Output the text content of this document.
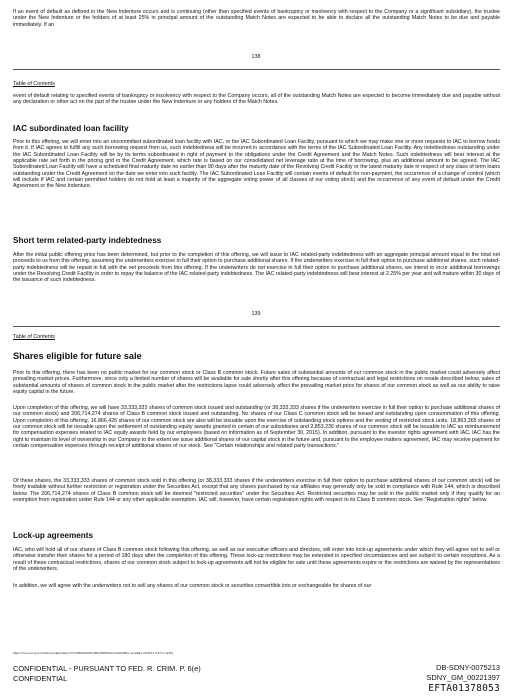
If an event of default as defined in the New Indenture occurs and is continuing (other than specified events of bankruptcy or insolvency with respect to the Company or a significant subsidiary), the trustee under the New Indenture or the holders of at least 25% in principal amount of the outstanding Match Notes are expected to be able to declare all the outstanding Match Notes to be due and payable immediately. If an

138

Table of Contents

event of default relating to specified events of bankruptcy or insolvency with respect to the Company occurs, all of the outstanding Match Notes are expected to become immediately due and payable without any declaration or other act on the part of the trustee under the New Indenture or any holders of the Match Notes.

IAC subordinated loan facility

Prior to this offering, we will enter into an uncommitted subordinated loan facility with IAC, or the IAC Subordinated Loan Facility, pursuant to which we may make one or more requests to IAC to borrow funds from it. If IAC agrees to fulfill any such borrowing request from us, such indebtedness will be incurred in accordance with the terms of the IAC Subordinated Loan Facility. Any indebtedness outstanding under the IAC Subordinated Loan Facility will be by its terms subordinated in right of payment to the obligations under the Credit Agreement and the Match Notes. Such indebtedness will bear interest at the applicable rate set forth in the pricing grid in the Credit Agreement, which rate is based on our consolidated net leverage ratio at the time of borrowing, plus an additional amount to be agreed. The IAC Subordinated Loan Facility will have a scheduled final maturity date no earlier than 90 days after the maturity date of the Revolving Credit Facility or the latest maturity date in respect of any class of term loans outstanding under the Credit Agreement on the date we enter into such facility. The IAC Subordinated Loan Facility will contain events of default for non-payment, the occurrence of a change of control (which will include if IAC and certain permitted holders do not hold at least a majority of the aggregate voting power of all classes of our voting stock) and the occurrence of any event of default under the Credit Agreement or the New Indenture.

Short term related-party indebtedness

After the initial public offering price has been determined, but prior to the completion of this offering, we will issue to IAC related-party indebtedness with an aggregate principal amount equal to the total net proceeds to us from this offering, assuming the underwriters exercise in full their option to purchase additional shares. If the underwriters exercise in full their option to purchase additional shares, such related-party indebtedness will be repaid in full with the net proceeds from this offering. If the underwriters do not exercise in full their option to purchase additional shares, we intend to incur additional borrowings under the Revolving Credit Facility in order to repay the balance of the IAC related-party indebtedness. The IAC related-party indebtedness will bear interest at 2.25% per year and will mature within 30 days of the issuance of such indebtedness.

139

Table of Contents

Shares eligible for future sale

Prior to this offering, there has been no public market for our common stock or Class B common stock. Future sales of substantial amounts of our common stock in the public market could adversely affect prevailing market prices. Furthermore, since only a limited number of shares will be available for sale shortly after this offering because of contractual and legal restrictions on resale described below, sales of substantial amounts of shares of common stock in the public market after the restrictions lapse could adversely affect the prevailing market price for shares of our common stock as well as our ability to raise equity capital in the future.

Upon completion of this offering, we will have 33,333,333 shares of common stock issued and outstanding (or 38,333,333 shares if the underwriters exercise in full their option to purchase additional shares of our common stock) and 206,714,274 shares of Class B common stock issued and outstanding. No shares of our Class C common stock will be issued and outstanding upon consummation of this offering. Upon completion of this offering, 16,866,426 shares of our common stock are also will be issuable upon the exercise of outstanding stock options and the vesting of restricted stock units, 18,863,365 shares of our common stock will be issuable upon the settlement of outstanding equity awards granted in certain of our subsidiaries and 2,853,236 shares of our common stock will be issuable to IAC as reimbursement for compensation expenses related to IAC equity awards held by our employees (based on information as of September 30, 2015). In addition, pursuant to the investor rights agreement with IAC, IAC has the right to maintain its level of ownership in our Company to the extent we issue additional shares of our capital stock in the future and, pursuant to the employee matters agreement, IAC may receive payment for certain compensation expenses through receipt of additional shares of our stock. See "Certain relationships and related party transactions."

Of these shares, the 33,333,333 shares of common stock sold in this offering (or 38,333,333 shares if the underwriters exercise in full their option to purchase additional shares of our common stock) will be freely tradable without further restriction or registration under the Securities Act, except that any shares purchased by our affiliates may generally only be sold in compliance with Rule 144, which is described below. The 206,714,274 shares of Class B common stock will be deemed "restricted securities" under the Securities Act. Restricted securities may be sold in the public market only if they qualify for an exemption from registration under Rule 144 or any other applicable exemption. IAC will, however, have certain registration rights with respect to its Class B common stock. See "Registration rights" below.

Lock-up agreements

IAC, who will hold all of our shares of Class B common stock following this offering, as well as our executive officers and directors, will enter into lock-up agreements under which they will agree not to sell or otherwise transfer their shares for a period of 180 days after the completion of this offering. These lock-up restrictions may be extended in specified circumstances and are subject to certain exceptions. As a result of these contractual restrictions, shares of our common stock subject to lock-up agreements will not be eligible for sale until these agreements expire or the restrictions are waived by the representatives of the underwriters.

In addition, we will agree with the underwriters not to sell any shares of our common stock or securities convertible into or exchangeable for shares of our

http://www.sec.gov/Archives/edgar/data/1575189/000104746915008534/a2226458zs-1a.htm[11/9/2015 9:27:17 AM]

CONFIDENTIAL - PURSUANT TO FED. R. CRIM. P. 6(e)

CONFIDENTIAL

DB-SDNY-0075213

SDNY_GM_00221397

EFTA01378053
